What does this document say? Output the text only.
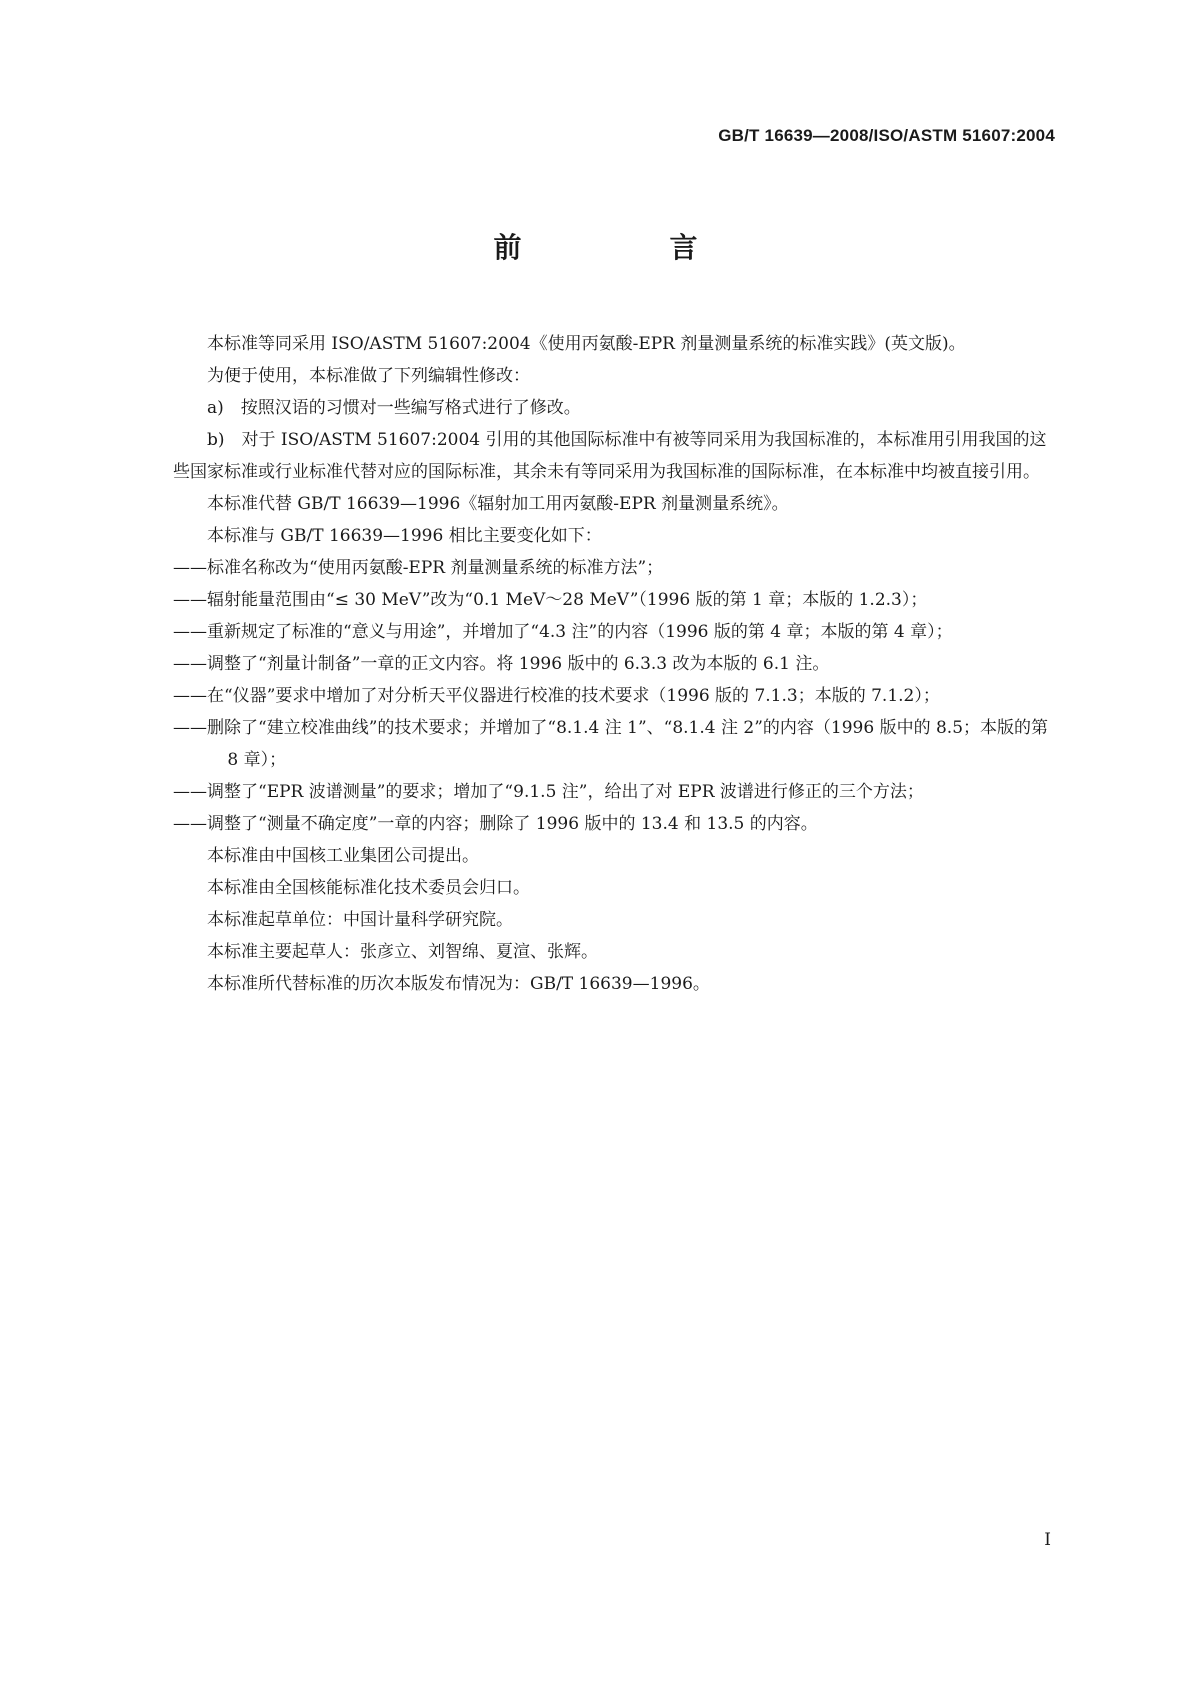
GB/T 16639—2008/ISO/ASTM 51607:2004
前　言

本标准等同采用 ISO/ASTM 51607:2004《使用丙氨酸-EPR 剂量测量系统的标准实践》(英文版)。

为便于使用，本标准做了下列编辑性修改：

a)　按照汉语的习惯对一些编写格式进行了修改。

b)　对于 ISO/ASTM 51607:2004 引用的其他国际标准中有被等同采用为我国标准的，本标准用引用我国的这些国家标准或行业标准代替对应的国际标准，其余未有等同采用为我国标准的国际标准，在本标准中均被直接引用。

本标准代替 GB/T 16639—1996《辐射加工用丙氨酸-EPR 剂量测量系统》。

本标准与 GB/T 16639—1996 相比主要变化如下：

——标准名称改为“使用丙氨酸-EPR 剂量测量系统的标准方法”；

——辐射能量范围由“≤ 30 MeV”改为“0.1 MeV～28 MeV”（1996 版的第 1 章；本版的 1.2.3）；

——重新规定了标准的“意义与用途”，并增加了“4.3 注”的内容（1996 版的第 4 章；本版的第 4 章）；

——调整了“剂量计制备”一章的正文内容。将 1996 版中的 6.3.3 改为本版的 6.1 注。

——在“仪器”要求中增加了对分析天平仪器进行校准的技术要求（1996 版的 7.1.3；本版的 7.1.2）；

——删除了“建立校准曲线”的技术要求；并增加了“8.1.4 注 1”、“8.1.4 注 2”的内容（1996 版中的 8.5；本版的第 8 章）；

——调整了“EPR 波谱测量”的要求；增加了“9.1.5 注”，给出了对 EPR 波谱进行修正的三个方法；

——调整了“测量不确定度”一章的内容；删除了 1996 版中的 13.4 和 13.5 的内容。

本标准由中国核工业集团公司提出。

本标准由全国核能标准化技术委员会归口。

本标准起草单位：中国计量科学研究院。

本标准主要起草人：张彦立、刘智绵、夏渲、张辉。

本标准所代替标准的历次本版发布情况为：GB/T 16639—1996。

I
